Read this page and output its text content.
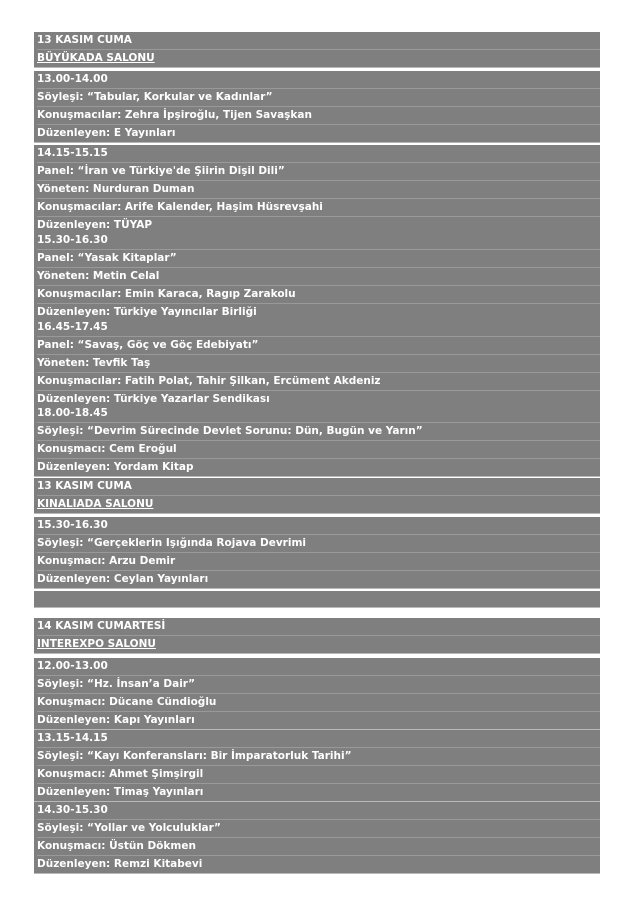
13 KASIM CUMA
BÜYÜKADA SALONU
13.00-14.00
Söyleşi: “Tabular, Korkular ve Kadınlar”
Konuşmacılar: Zehra İpşiroğlu, Tijen Savaşkan
Düzenleyen: E Yayınları
14.15-15.15
Panel: “İran ve Türkiye'de Şiirin Dişil Dili”
Yöneten: Nurduran Duman
Konuşmacılar: Arife Kalender, Haşim Hüsrevşahi
Düzenleyen: TÜYAP
15.30-16.30
Panel: “Yasak Kitaplar”
Yöneten: Metin Celal
Konuşmacılar: Emin Karaca, Ragıp Zarakolu
Düzenleyen: Türkiye Yayıncılar Birliği
16.45-17.45
Panel: “Savaş, Göç ve Göç Edebiyatı”
Yöneten: Tevfik Taş
Konuşmacılar: Fatih Polat, Tahir Şilkan, Ercüment Akdeniz
Düzenleyen: Türkiye Yazarlar Sendikası
18.00-18.45
Söyleşi: “Devrim Sürecinde Devlet Sorunu: Dün, Bugün ve Yarın”
Konuşmacı: Cem Eroğul
Düzenleyen: Yordam Kitap
13 KASIM CUMA
KINALIADA SALONU
15.30-16.30
Söyleşi: “Gerçeklerin Işığında Rojava Devrimi
Konuşmacı: Arzu Demir
Düzenleyen: Ceylan Yayınları
14 KASIM CUMARTESİ
INTEREXPO SALONU
12.00-13.00
Söyleşi: “Hz. İnsan’a Dair”
Konuşmacı: Dücane Cündioğlu
Düzenleyen: Kapı Yayınları
13.15-14.15
Söyleşi: “Kayı Konferansları: Bir İmparatorluk Tarihi”
Konuşmacı: Ahmet Şimşirgil
Düzenleyen: Timaş Yayınları
14.30-15.30
Söyleşi: “Yollar ve Yolculuklar”
Konuşmacı: Üstün Dökmen
Düzenleyen: Remzi Kitabevi
